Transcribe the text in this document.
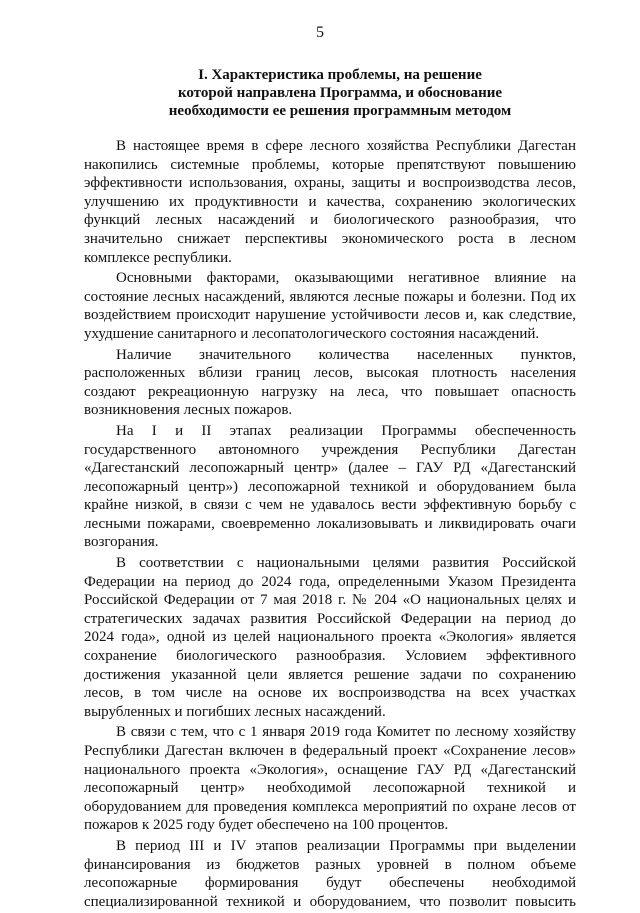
5
I. Характеристика проблемы, на решение
которой направлена Программа, и обоснование
необходимости ее решения программным методом
В настоящее время в сфере лесного хозяйства Республики Дагестан
накопились системные проблемы, которые препятствуют повышению
эффективности использования, охраны, защиты и воспроизводства лесов,
улучшению их продуктивности и качества, сохранению экологических
функций лесных насаждений и биологического разнообразия, что
значительно снижает перспективы экономического роста в лесном
комплексе республики.
Основными факторами, оказывающими негативное влияние на
состояние лесных насаждений, являются лесные пожары и болезни. Под их
воздействием происходит нарушение устойчивости лесов и, как следствие,
ухудшение санитарного и лесопатологического состояния насаждений.
Наличие значительного количества населенных пунктов,
расположенных вблизи границ лесов, высокая плотность населения
создают рекреационную нагрузку на леса, что повышает опасность
возникновения лесных пожаров.
На I и II этапах реализации Программы обеспеченность
государственного автономного учреждения Республики Дагестан
«Дагестанский лесопожарный центр» (далее – ГАУ РД «Дагестанский
лесопожарный центр») лесопожарной техникой и оборудованием была
крайне низкой, в связи с чем не удавалось вести эффективную борьбу с
лесными пожарами, своевременно локализовывать и ликвидировать очаги
возгорания.
В соответствии с национальными целями развития Российской
Федерации на период до 2024 года, определенными Указом Президента
Российской Федерации от 7 мая 2018 г. № 204 «О национальных целях и
стратегических задачах развития Российской Федерации на период до
2024 года», одной из целей национального проекта «Экология» является
сохранение биологического разнообразия. Условием эффективного
достижения указанной цели является решение задачи по сохранению
лесов, в том числе на основе их воспроизводства на всех участках
вырубленных и погибших лесных насаждений.
В связи с тем, что с 1 января 2019 года Комитет по лесному хозяйству
Республики Дагестан включен в федеральный проект «Сохранение лесов»
национального проекта «Экология», оснащение ГАУ РД «Дагестанский
лесопожарный центр» необходимой лесопожарной техникой и
оборудованием для проведения комплекса мероприятий по охране лесов от
пожаров к 2025 году будет обеспечено на 100 процентов.
В период III и IV этапов реализации Программы при выделении
финансирования из бюджетов разных уровней в полном объеме
лесопожарные формирования будут обеспечены необходимой
специализированной техникой и оборудованием, что позволит повысить
